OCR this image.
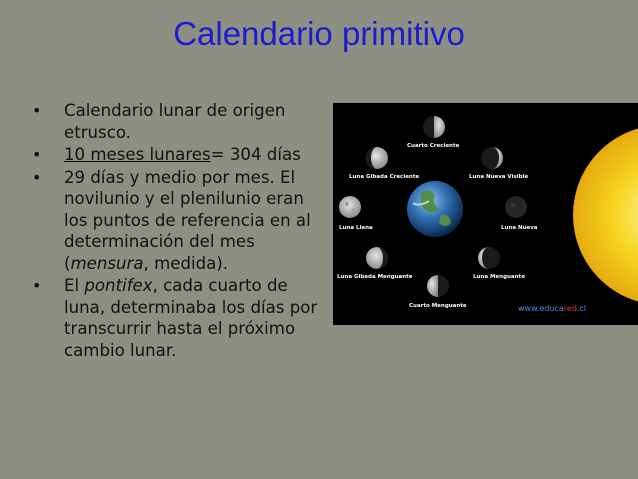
Calendario primitivo
• Calendario lunar de origen etrusco.
• 10 meses lunares= 304 días
• 29 días y medio por mes. El novilunio y el plenilunio eran los puntos de referencia en al determinación del mes (mensura, medida).
• El pontifex, cada cuarto de luna, determinaba los días por transcurrir hasta el próximo cambio lunar.
Cuarto Creciente
Luna Gibada Creciente	Luna Nueva Visible
Luna Llena	Luna Nueva
Luna Gibada Menguante	Luna Menguante
Cuarto Menguante	www.educared.cl
